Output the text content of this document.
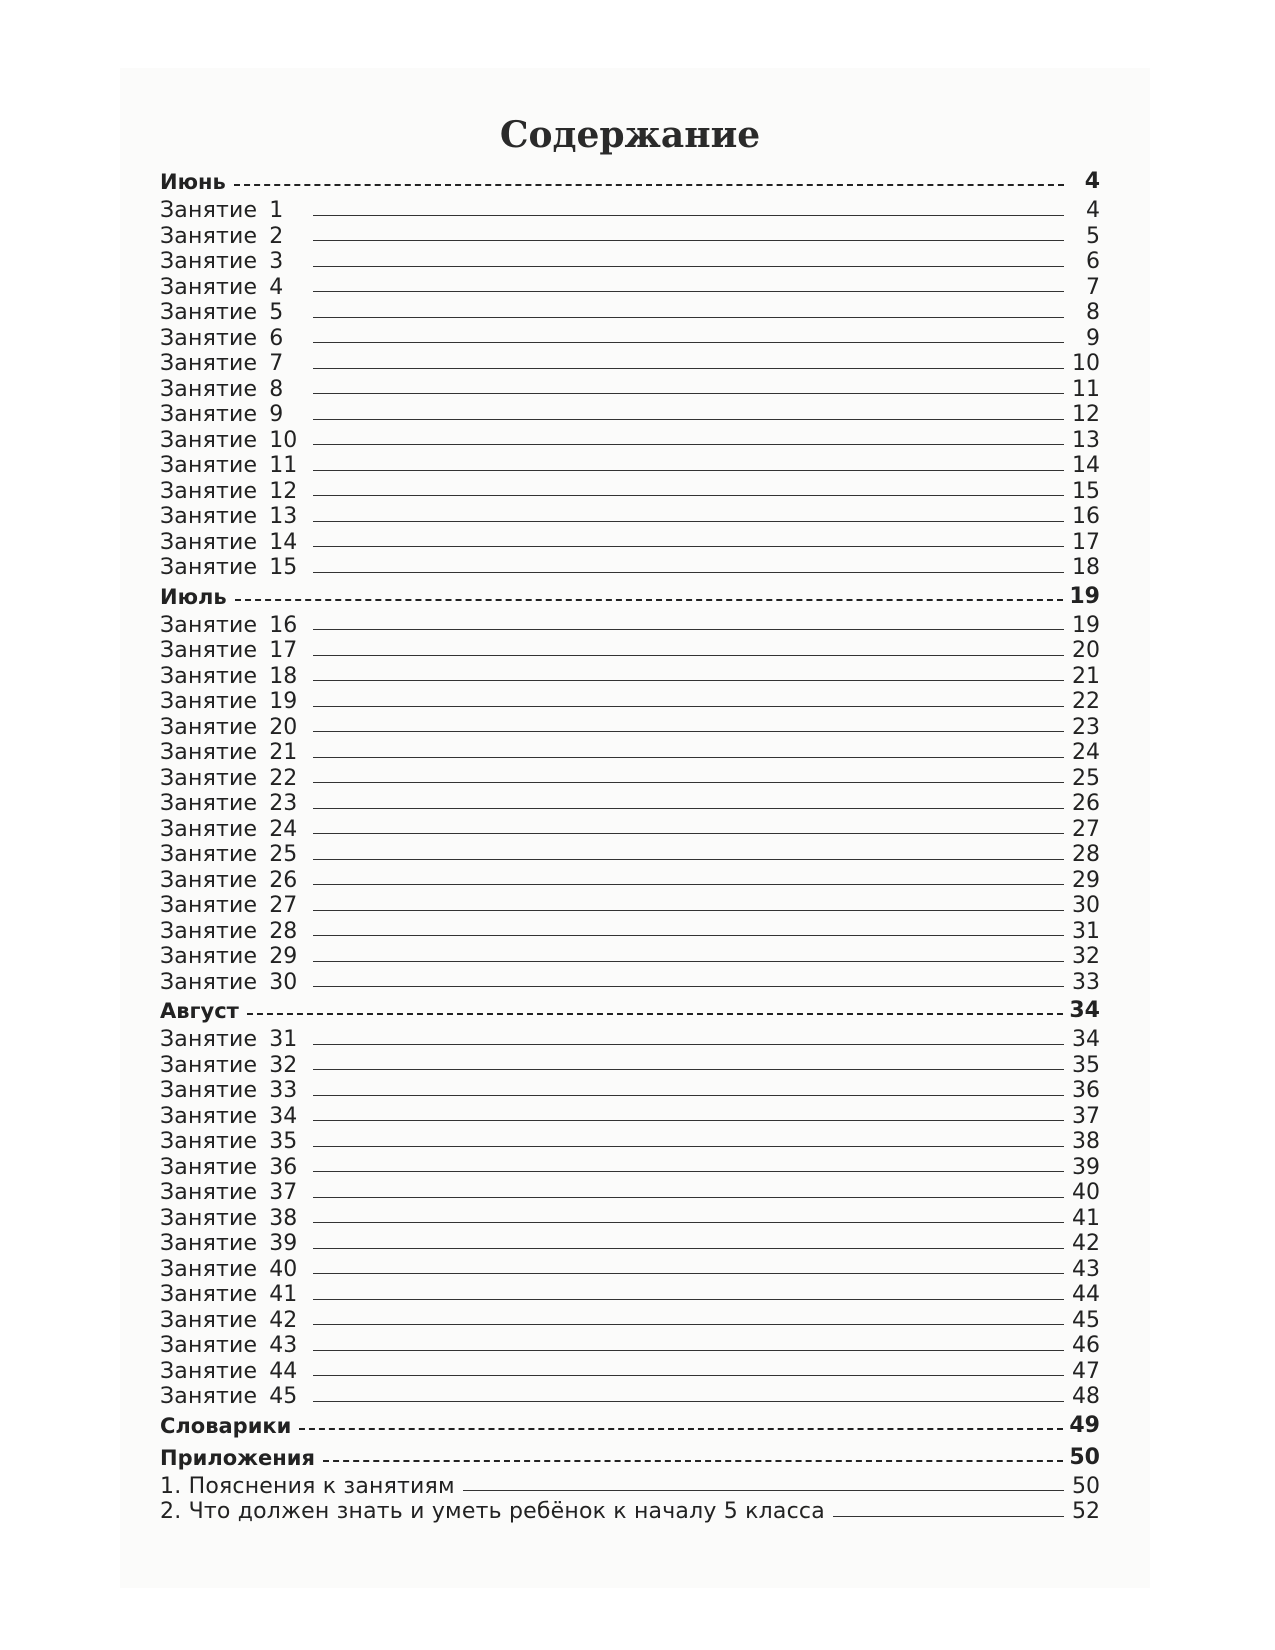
Содержание
Июнь	4
Занятие 1	4
Занятие 2	5
Занятие 3	6
Занятие 4	7
Занятие 5	8
Занятие 6	9
Занятие 7	10
Занятие 8	11
Занятие 9	12
Занятие 10	13
Занятие 11	14
Занятие 12	15
Занятие 13	16
Занятие 14	17
Занятие 15	18
Июль	19
Занятие 16	19
Занятие 17	20
Занятие 18	21
Занятие 19	22
Занятие 20	23
Занятие 21	24
Занятие 22	25
Занятие 23	26
Занятие 24	27
Занятие 25	28
Занятие 26	29
Занятие 27	30
Занятие 28	31
Занятие 29	32
Занятие 30	33
Август	34
Занятие 31	34
Занятие 32	35
Занятие 33	36
Занятие 34	37
Занятие 35	38
Занятие 36	39
Занятие 37	40
Занятие 38	41
Занятие 39	42
Занятие 40	43
Занятие 41	44
Занятие 42	45
Занятие 43	46
Занятие 44	47
Занятие 45	48
Словарики	49
Приложения	50
1. Пояснения к занятиям	50
2. Что должен знать и уметь ребёнок к началу 5 класса	52
